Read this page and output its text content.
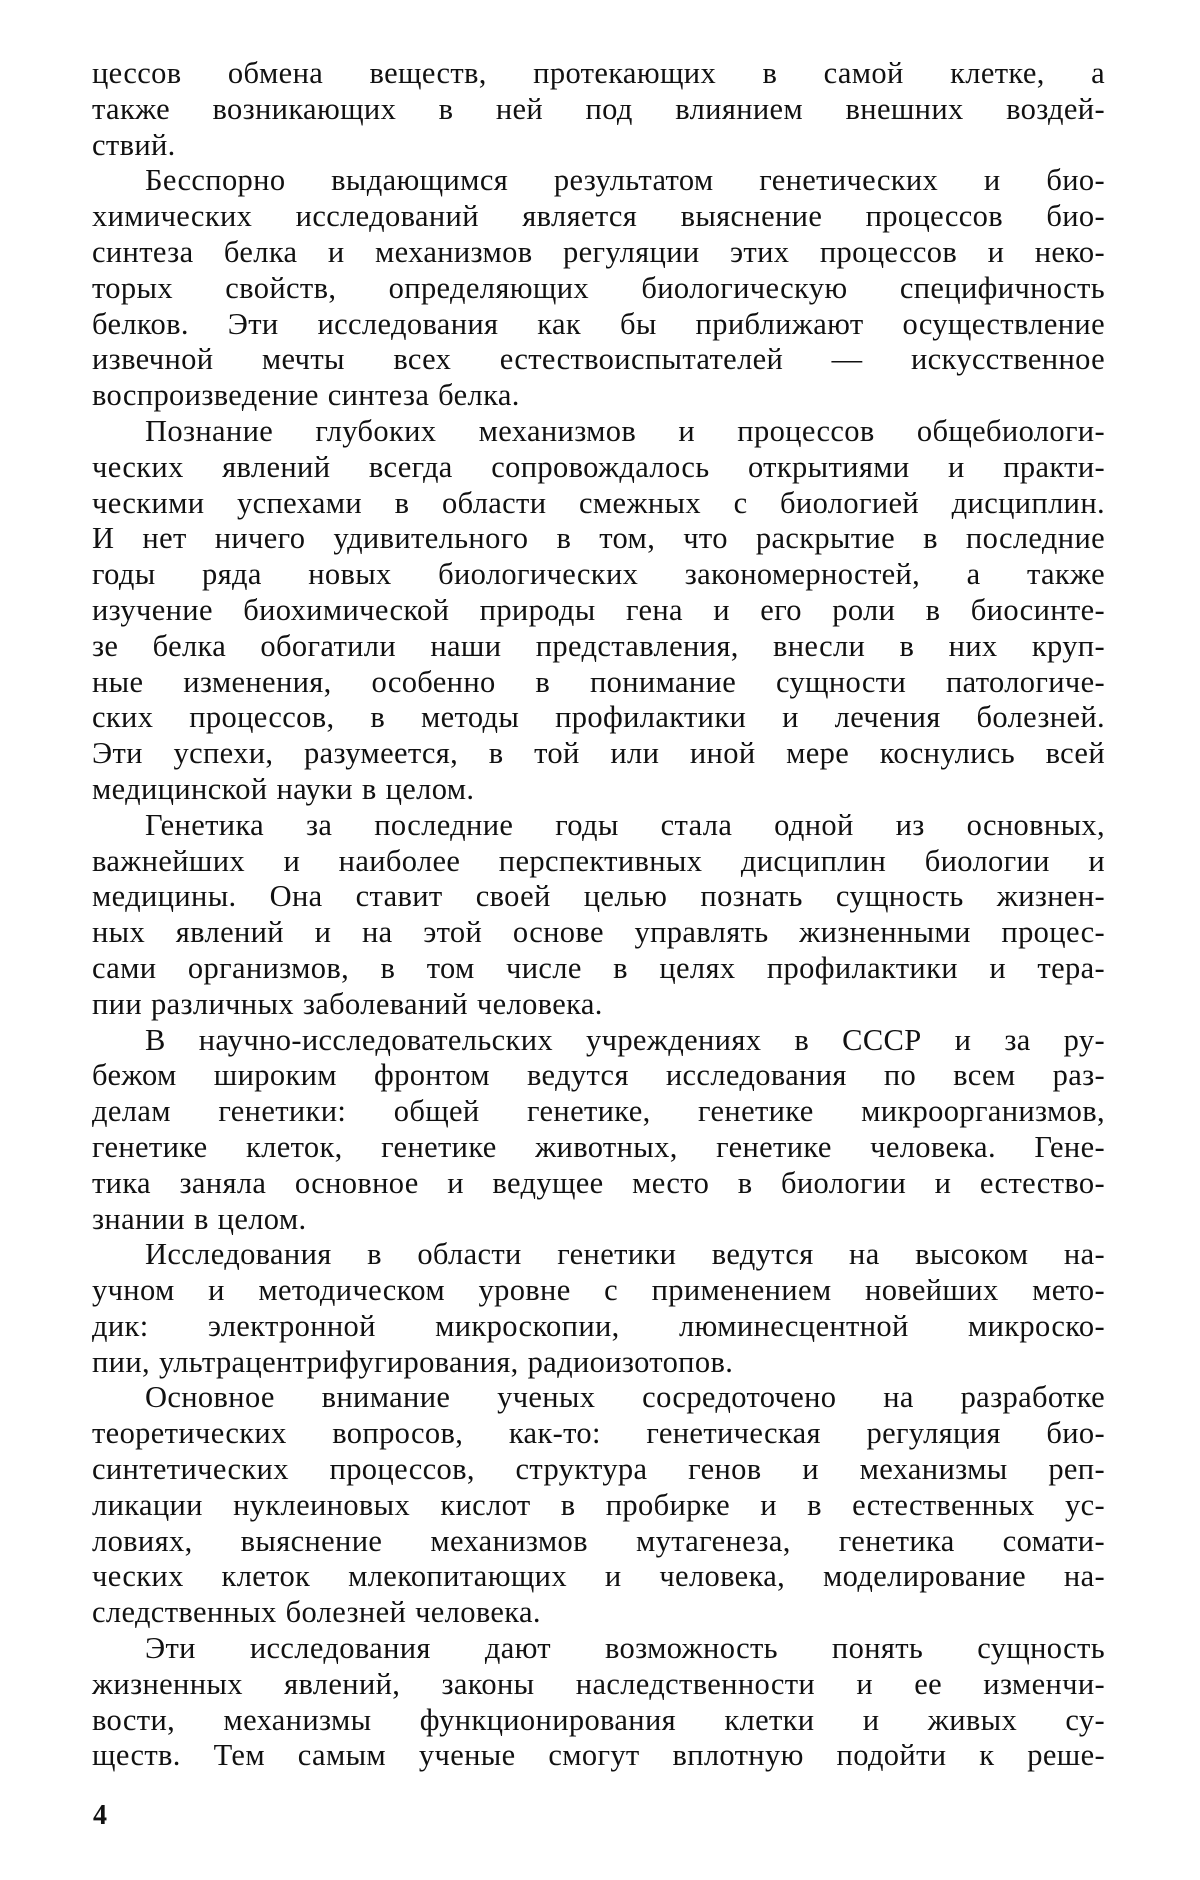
цессов обмена веществ, протекающих в самой клетке, а
также возникающих в ней под влиянием внешних воздей-
ствий.
Бесспорно выдающимся результатом генетических и био-
химических исследований является выяснение процессов био-
синтеза белка и механизмов регуляции этих процессов и неко-
торых свойств, определяющих биологическую специфичность
белков. Эти исследования как бы приближают осуществление
извечной мечты всех естествоиспытателей — искусственное
воспроизведение синтеза белка.
Познание глубоких механизмов и процессов общебиологи-
ческих явлений всегда сопровождалось открытиями и практи-
ческими успехами в области смежных с биологией дисциплин.
И нет ничего удивительного в том, что раскрытие в последние
годы ряда новых биологических закономерностей, а также
изучение биохимической природы гена и его роли в биосинте-
зе белка обогатили наши представления, внесли в них круп-
ные изменения, особенно в понимание сущности патологиче-
ских процессов, в методы профилактики и лечения болезней.
Эти успехи, разумеется, в той или иной мере коснулись всей
медицинской науки в целом.
Генетика за последние годы стала одной из основных,
важнейших и наиболее перспективных дисциплин биологии и
медицины. Она ставит своей целью познать сущность жизнен-
ных явлений и на этой основе управлять жизненными процес-
сами организмов, в том числе в целях профилактики и тера-
пии различных заболеваний человека.
В научно-исследовательских учреждениях в СССР и за ру-
бежом широким фронтом ведутся исследования по всем раз-
делам генетики: общей генетике, генетике микроорганизмов,
генетике клеток, генетике животных, генетике человека. Гене-
тика заняла основное и ведущее место в биологии и естество-
знании в целом.
Исследования в области генетики ведутся на высоком на-
учном и методическом уровне с применением новейших мето-
дик: электронной микроскопии, люминесцентной микроско-
пии, ультрацентрифугирования, радиоизотопов.
Основное внимание ученых сосредоточено на разработке
теоретических вопросов, как-то: генетическая регуляция био-
синтетических процессов, структура генов и механизмы реп-
ликации нуклеиновых кислот в пробирке и в естественных ус-
ловиях, выяснение механизмов мутагенеза, генетика сомати-
ческих клеток млекопитающих и человека, моделирование на-
следственных болезней человека.
Эти исследования дают возможность понять сущность
жизненных явлений, законы наследственности и ее изменчи-
вости, механизмы функционирования клетки и живых су-
ществ. Тем самым ученые смогут вплотную подойти к реше-
4
